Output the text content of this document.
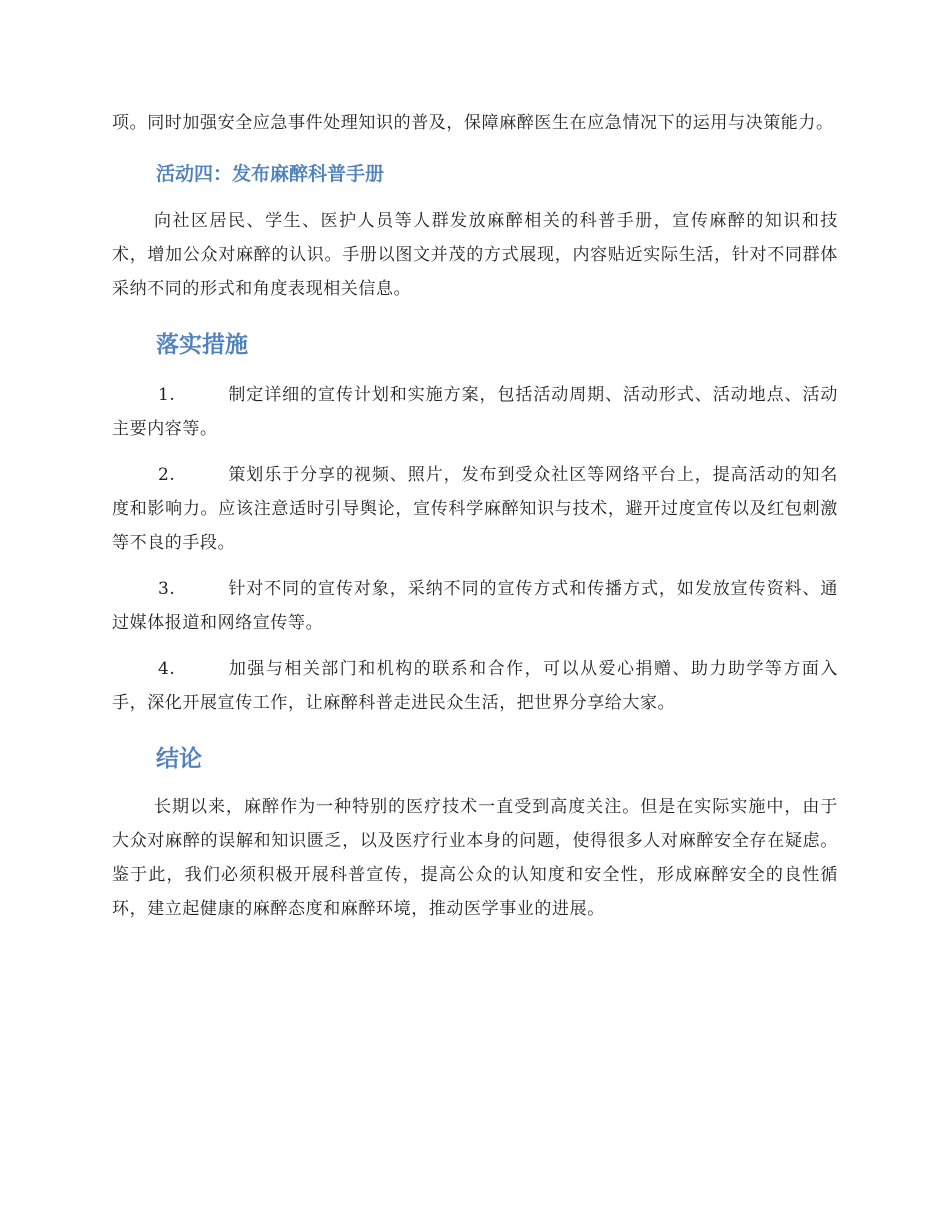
项。同时加强安全应急事件处理知识的普及，保障麻醉医生在应急情况下的运用与决策能力。

活动四：发布麻醉科普手册

向社区居民、学生、医护人员等人群发放麻醉相关的科普手册，宣传麻醉的知识和技术，增加公众对麻醉的认识。手册以图文并茂的方式展现，内容贴近实际生活，针对不同群体采纳不同的形式和角度表现相关信息。

落实措施
1.	制定详细的宣传计划和实施方案，包括活动周期、活动形式、活动地点、活动主要内容等。
2.	策划乐于分享的视频、照片，发布到受众社区等网络平台上，提高活动的知名度和影响力。应该注意适时引导舆论，宣传科学麻醉知识与技术，避开过度宣传以及红包刺激等不良的手段。
3.	针对不同的宣传对象，采纳不同的宣传方式和传播方式，如发放宣传资料、通过媒体报道和网络宣传等。
4.	加强与相关部门和机构的联系和合作，可以从爱心捐赠、助力助学等方面入手，深化开展宣传工作，让麻醉科普走进民众生活，把世界分享给大家。
结论

长期以来，麻醉作为一种特别的医疗技术一直受到高度关注。但是在实际实施中，由于大众对麻醉的误解和知识匮乏，以及医疗行业本身的问题，使得很多人对麻醉安全存在疑虑。鉴于此，我们必须积极开展科普宣传，提高公众的认知度和安全性，形成麻醉安全的良性循环，建立起健康的麻醉态度和麻醉环境，推动医学事业的进展。
